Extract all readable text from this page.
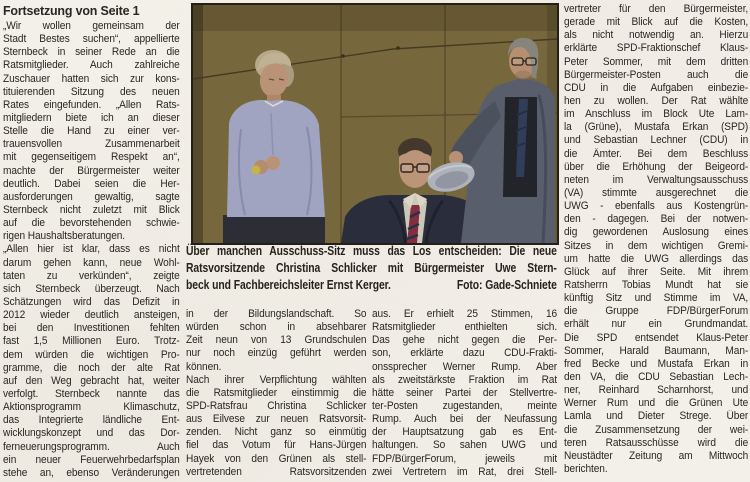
Fortsetzung von Seite 1
„Wir wollen gemeinsam der
Stadt Bestes suchen“, appellierte
Sternbeck in seiner Rede an die
Ratsmitglieder. Auch zahlreiche
Zuschauer hatten sich zur kons-
tituierenden Sitzung des neuen
Rates eingefunden. „Allen Rats-
mitgliedern biete ich an dieser
Stelle die Hand zu einer ver-
trauensvollen Zusammenarbeit
mit gegenseitigem Respekt an“,
machte der Bürgermeister weiter
deutlich. Dabei seien die Her-
ausforderungen gewaltig, sagte
Sternbeck nicht zuletzt mit Blick
auf die bevorstehenden schwie-
rigen Haushaltsberatungen.
„Allen hier ist klar, dass es nicht
darum gehen kann, neue Wohl-
taten zu verkünden“, zeigte
sich Sternbeck überzeugt. Nach
Schätzungen wird das Defizit in
2012 wieder deutlich ansteigen,
bei den Investitionen fehlten
fast 1,5 Millionen Euro. Trotz-
dem würden die wichtigen Pro-
gramme, die noch der alte Rat
auf den Weg gebracht hat, weiter
verfolgt. Sternbeck nannte das
Aktionsprogramm Klimaschutz,
das Integrierte ländliche Ent-
wicklungskonzept und das Dor-
ferneuerungsprogramm. Auch
ein neuer Feuerwehrbedarfsplan
stehe an, ebenso Veränderungen
Über manchen Ausschuss-Sitz muss das Los entscheiden: Die neue
Ratsvorsitzende Christina Schlicker mit Bürgermeister Uwe Stern-
beck und Fachbereichsleiter Ernst Kerger.	Foto: Gade-Schniete
in der Bildungslandschaft. So
würden schon in absehbarer
Zeit neun von 13 Grundschulen
nur noch einzüg geführt werden
können.
Nach ihrer Verpflichtung wählten
die Ratsmitglieder einstimmig die
SPD-Ratsfrau Christina Schlicker
aus Eilvese zur neuen Ratsvorsit-
zenden. Nicht ganz so einmütig
fiel das Votum für Hans-Jürgen
Hayek von den Grünen als stell-
vertretenden Ratsvorsitzenden
aus. Er erhielt 25 Stimmen, 16
Ratsmitglieder enthielten sich.
Das gehe nicht gegen die Per-
son, erklärte dazu CDU-Frakti-
onssprecher Werner Rump. Aber
als zweitstärkste Fraktion im Rat
hätte seiner Partei der Stellvertre-
ter-Posten zugestanden, meinte
Rump. Auch bei der Neufassung
der Hauptsatzung gab es Ent-
haltungen. So sahen UWG und
FDP/BürgerForum, jeweils mit
zwei Vertretern im Rat, drei Stell-
vertreter für den Bürgermeister,
gerade mit Blick auf die Kosten,
als nicht notwendig an. Hierzu
erklärte SPD-Fraktionschef Klaus-
Peter Sommer, mit dem dritten
Bürgermeister-Posten auch die
CDU in die Aufgaben einbezie-
hen zu wollen. Der Rat wählte
im Anschluss im Block Ute Lam-
la (Grüne), Mustafa Erkan (SPD)
und Sebastian Lechner (CDU) in
die Ämter. Bei dem Beschluss
über die Erhöhung der Beigeord-
neten im Verwaltungsausschuss
(VA) stimmte ausgerechnet die
UWG - ebenfalls aus Kostengrün-
den - dagegen. Bei der notwen-
dig gewordenen Auslosung eines
Sitzes in dem wichtigen Gremi-
um hatte die UWG allerdings das
Glück auf ihrer Seite. Mit ihrem
Ratsherrn Tobias Mundt hat sie
künftig Sitz und Stimme im VA,
die Gruppe FDP/BürgerForum
erhält nur ein Grundmandat.
Die SPD entsendet Klaus-Peter
Sommer, Harald Baumann, Man-
fred Becke und Mustafa Erkan in
den VA, die CDU Sebastian Lech-
ner, Reinhard Scharnhorst, und
Werner Rum und die Grünen Ute
Lamla und Dieter Strege. Über
die Zusammensetzung der wei-
teren Ratsausschüsse wird die
Neustädter Zeitung am Mittwoch
berichten.
